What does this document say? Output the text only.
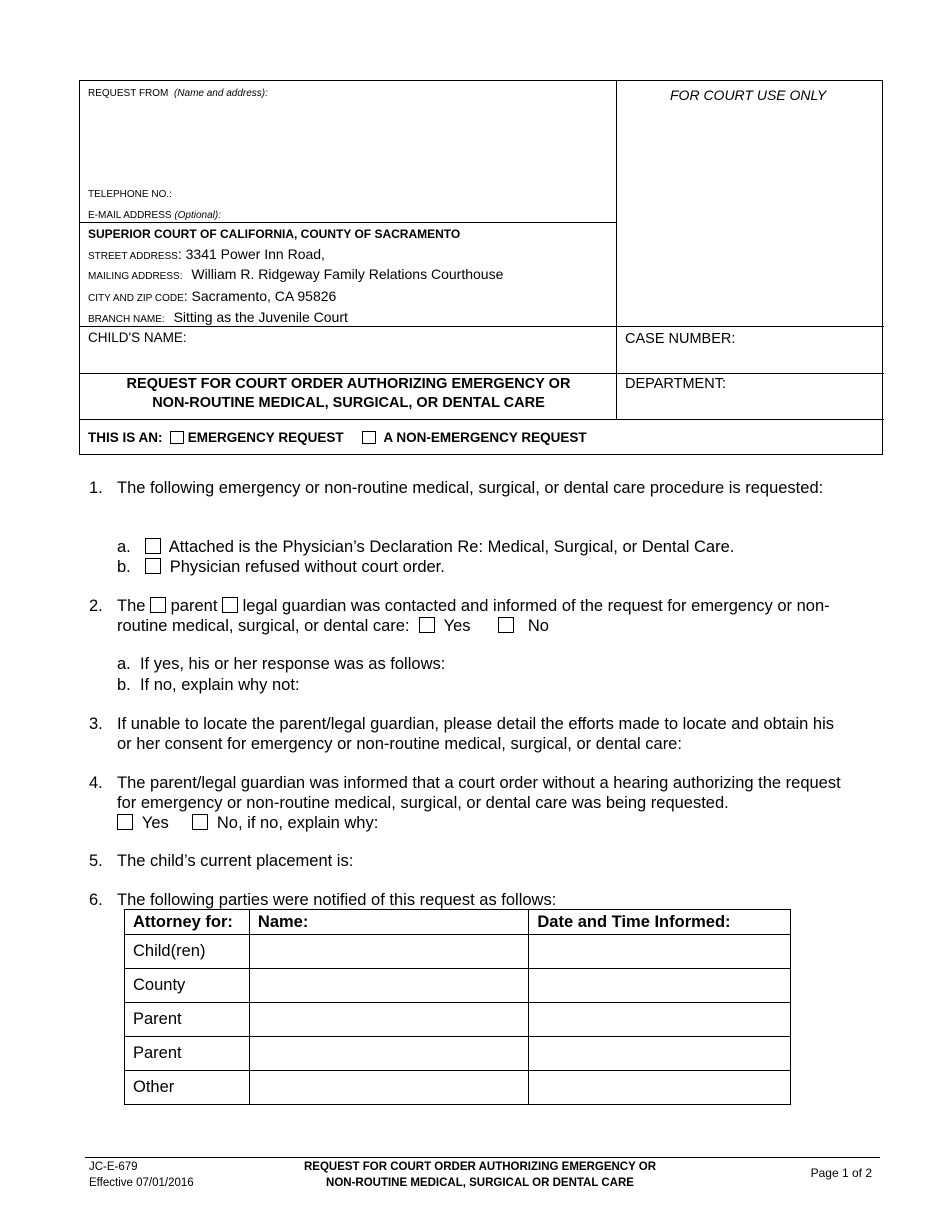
REQUEST FROM (Name and address):	FOR COURT USE ONLY
TELEPHONE NO.:
E-MAIL ADDRESS (Optional):
SUPERIOR COURT OF CALIFORNIA, COUNTY OF SACRAMENTO
STREET ADDRESS: 3341 Power Inn Road,
MAILING ADDRESS: William R. Ridgeway Family Relations Courthouse
CITY AND ZIP CODE: Sacramento, CA 95826
BRANCH NAME: Sitting as the Juvenile Court
CHILD'S NAME:	CASE NUMBER:
REQUEST FOR COURT ORDER AUTHORIZING EMERGENCY OR
NON-ROUTINE MEDICAL, SURGICAL, OR DENTAL CARE
DEPARTMENT:
THIS IS AN: EMERGENCY REQUEST	A NON-EMERGENCY REQUEST
1. The following emergency or non-routine medical, surgical, or dental care procedure is requested:
a. Attached is the Physician’s Declaration Re: Medical, Surgical, or Dental Care.
b. Physician refused without court order.
2. The parent legal guardian was contacted and informed of the request for emergency or non-
routine medical, surgical, or dental care: Yes	No
a. If yes, his or her response was as follows:
b. If no, explain why not:
3. If unable to locate the parent/legal guardian, please detail the efforts made to locate and obtain his
or her consent for emergency or non-routine medical, surgical, or dental care:
4. The parent/legal guardian was informed that a court order without a hearing authorizing the request
for emergency or non-routine medical, surgical, or dental care was being requested.
Yes	No, if no, explain why:
5. The child’s current placement is:
6. The following parties were notified of this request as follows:
Attorney for:	Name:	Date and Time Informed:
Child(ren)		
County		
Parent		
Parent		
Other		
JC-E-679
Effective 07/01/2016
REQUEST FOR COURT ORDER AUTHORIZING EMERGENCY OR
NON-ROUTINE MEDICAL, SURGICAL OR DENTAL CARE
Page 1 of 2
